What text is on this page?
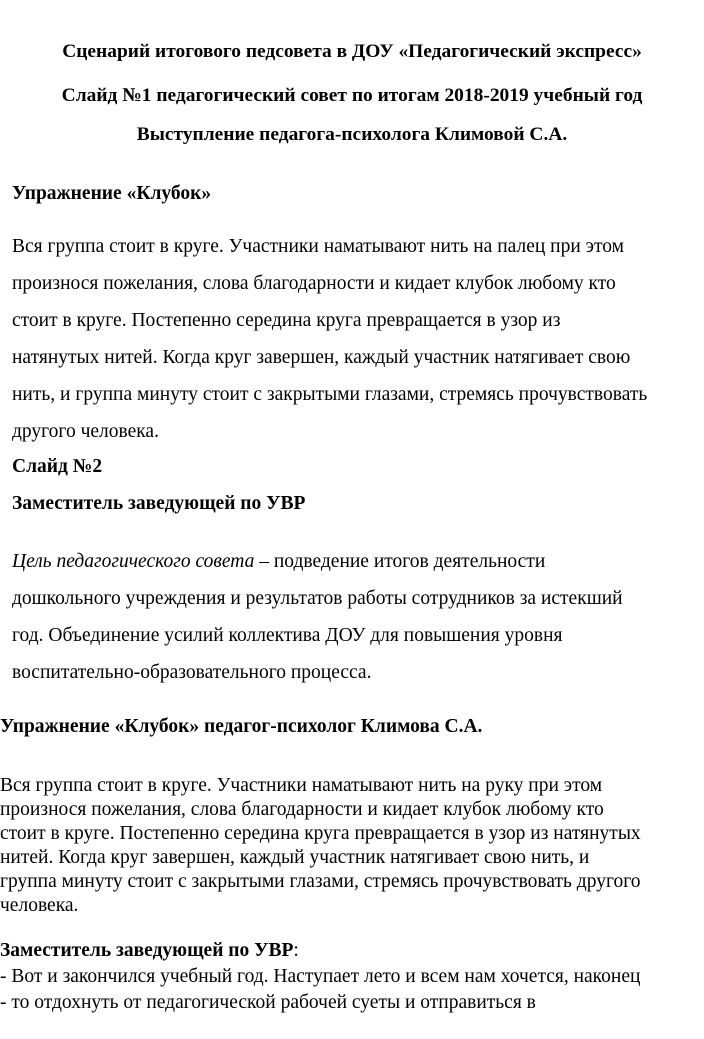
Сценарий итогового педсовета в ДОУ «Педагогический экспресс»
Слайд №1 педагогический совет по итогам 2018-2019 учебный год
Выступление педагога-психолога Климовой С.А.
Упражнение «Клубок»
Вся группа стоит в круге. Участники наматывают нить на палец при этом
произнося пожелания, слова благодарности и кидает клубок любому кто
стоит в круге. Постепенно середина круга превращается в узор из
натянутых нитей. Когда круг завершен, каждый участник натягивает свою
нить, и группа минуту стоит с закрытыми глазами, стремясь прочувствовать
другого человека.
Слайд №2
Заместитель заведующей по УВР
Цель педагогического совета – подведение итогов деятельности
дошкольного учреждения и результатов работы сотрудников за истекший
год. Объединение усилий коллектива ДОУ для повышения уровня
воспитательно-образовательного процесса.
Упражнение «Клубок» педагог-психолог Климова С.А.
Вся группа стоит в круге. Участники наматывают нить на руку при этом
произнося пожелания, слова благодарности и кидает клубок любому кто
стоит в круге. Постепенно середина круга превращается в узор из натянутых
нитей. Когда круг завершен, каждый участник натягивает свою нить, и
группа минуту стоит с закрытыми глазами, стремясь прочувствовать другого
человека.
Заместитель заведующей по УВР:
- Вот и закончился учебный год. Наступает лето и всем нам хочется, наконец
- то отдохнуть от педагогической рабочей суеты и отправиться в
